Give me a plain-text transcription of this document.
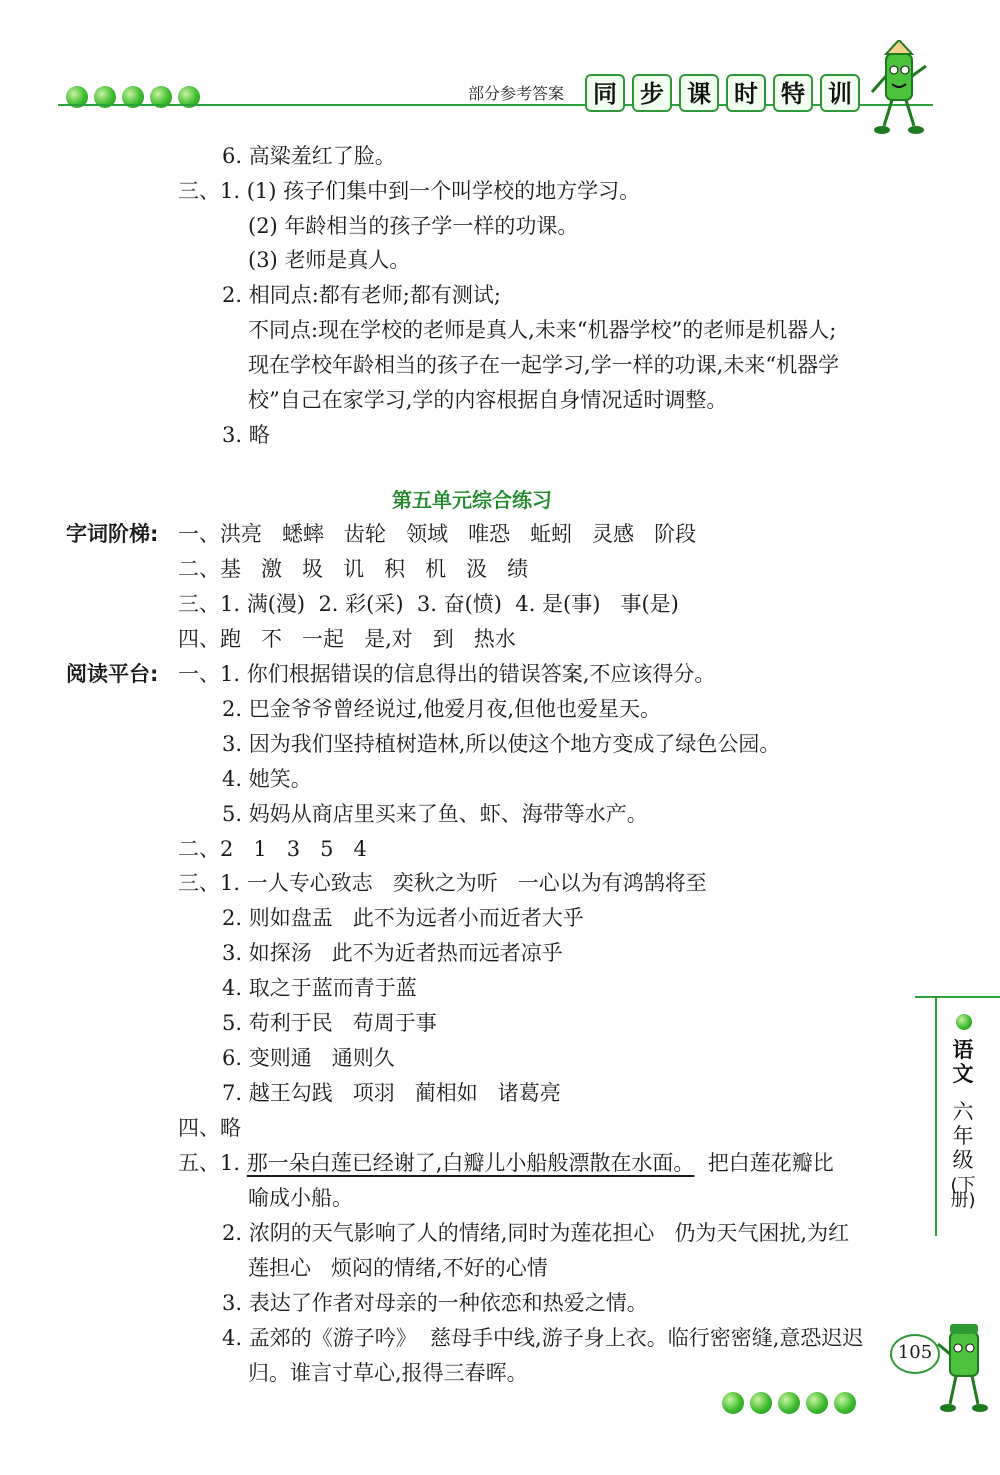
部分参考答案	同 步 课 时 特 训
6. 高粱羞红了脸。
三、1. (1) 孩子们集中到一个叫学校的地方学习。
(2) 年龄相当的孩子学一样的功课。
(3) 老师是真人。
2. 相同点:都有老师;都有测试;
不同点:现在学校的老师是真人,未来“机器学校”的老师是机器人;
现在学校年龄相当的孩子在一起学习,学一样的功课,未来“机器学
校”自己在家学习,学的内容根据自身情况适时调整。
3. 略
第五单元综合练习
字词阶梯: 一、洪亮   蟋蟀   齿轮   领域   唯恐   蚯蚓   灵感   阶段
二、基   激   圾   讥   积   机   汲   绩
三、1. 满(漫)  2. 彩(采)  3. 奋(愤)  4. 是(事)   事(是)
四、跑   不   一起   是,对   到   热水
阅读平台: 一、1. 你们根据错误的信息得出的错误答案,不应该得分。
2. 巴金爷爷曾经说过,他爱月夜,但他也爱星天。
3. 因为我们坚持植树造林,所以使这个地方变成了绿色公园。
4. 她笑。
5. 妈妈从商店里买来了鱼、虾、海带等水产。
二、2   1   3   5   4
三、1. 一人专心致志   奕秋之为听   一心以为有鸿鹄将至
2. 则如盘盂   此不为远者小而近者大乎
3. 如探汤   此不为近者热而远者凉乎
4. 取之于蓝而青于蓝
5. 苟利于民   苟周于事
6. 变则通   通则久
7. 越王勾践   项羽   蔺相如   诸葛亮
四、略
五、1. 那一朵白莲已经谢了,白瓣儿小船般漂散在水面。  把白莲花瓣比
喻成小船。
2. 浓阴的天气影响了人的情绪,同时为莲花担心   仍为天气困扰,为红
莲担心   烦闷的情绪,不好的心情
3. 表达了作者对母亲的一种依恋和热爱之情。
4. 孟郊的《游子吟》  慈母手中线,游子身上衣。临行密密缝,意恐迟迟
归。谁言寸草心,报得三春晖。
语文
六年级
(下册)
105
